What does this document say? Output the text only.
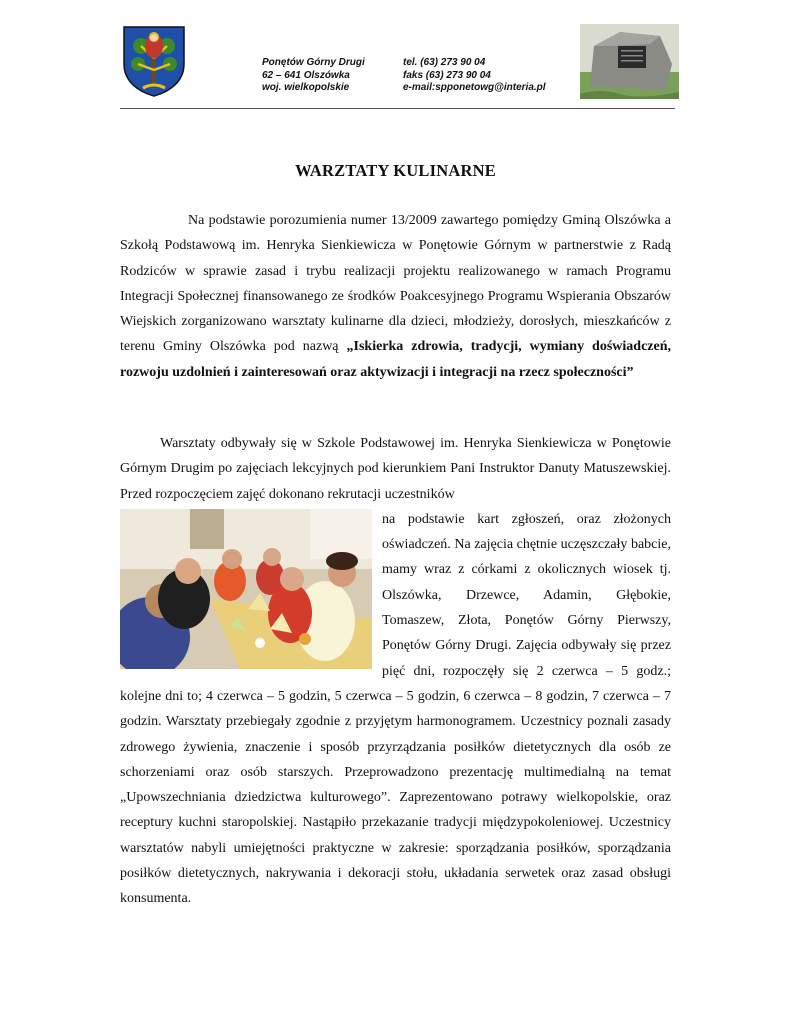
Ponętów Górny Drugi
62 – 641 Olszówka
woj. wielkopolskie
tel. (63) 273 90 04
faks (63) 273 90 04
e-mail:spponetowg@interia.pl
WARZTATY KULINARNE

Na podstawie porozumienia numer 13/2009 zawartego pomiędzy Gminą Olszówka a Szkołą Podstawową im. Henryka Sienkiewicza w Ponętowie Górnym w partnerstwie z Radą Rodziców w sprawie zasad i trybu realizacji projektu realizowanego w ramach Programu Integracji Społecznej finansowanego ze środków Poakcesyjnego Programu Wspierania Obszarów Wiejskich zorganizowano warsztaty kulinarne dla dzieci, młodzieży, dorosłych, mieszkańców z terenu Gminy Olszówka pod nazwą „Iskierka zdrowia, tradycji, wymiany doświadczeń, rozwoju uzdolnień i zainteresowań oraz aktywizacji i integracji na rzecz społeczności”

Warsztaty odbywały się w Szkole Podstawowej im. Henryka Sienkiewicza w Ponętowie Górnym Drugim po zajęciach lekcyjnych pod kierunkiem Pani Instruktor Danuty Matuszewskiej. Przed rozpoczęciem zajęć dokonano rekrutacji uczestników

na podstawie kart zgłoszeń, oraz złożonych oświadczeń. Na zajęcia chętnie uczęszczały babcie, mamy wraz z córkami z okolicznych wiosek tj. Olszówka, Drzewce, Adamin, Głębokie, Tomaszew, Złota, Ponętów Górny Pierwszy, Ponętów Górny Drugi. Zajęcia odbywały się przez pięć dni, rozpoczęły się 2 czerwca – 5 godz.; kolejne dni to; 4 czerwca – 5 godzin, 5 czerwca – 5 godzin, 6 czerwca – 8 godzin, 7 czerwca – 7 godzin. Warsztaty przebiegały zgodnie z przyjętym harmonogramem. Uczestnicy poznali zasady zdrowego żywienia, znaczenie i sposób przyrządzania posiłków dietetycznych dla osób ze schorzeniami oraz osób starszych. Przeprowadzono prezentację multimedialną na temat „Upowszechniania dziedzictwa kulturowego”. Zaprezentowano potrawy wielkopolskie, oraz receptury kuchni staropolskiej. Nastąpiło przekazanie tradycji międzypokoleniowej. Uczestnicy warsztatów nabyli umiejętności praktyczne w zakresie: sporządzania posiłków, sporządzania posiłków dietetycznych, nakrywania i dekoracji stołu, układania serwetek oraz zasad obsługi konsumenta.
